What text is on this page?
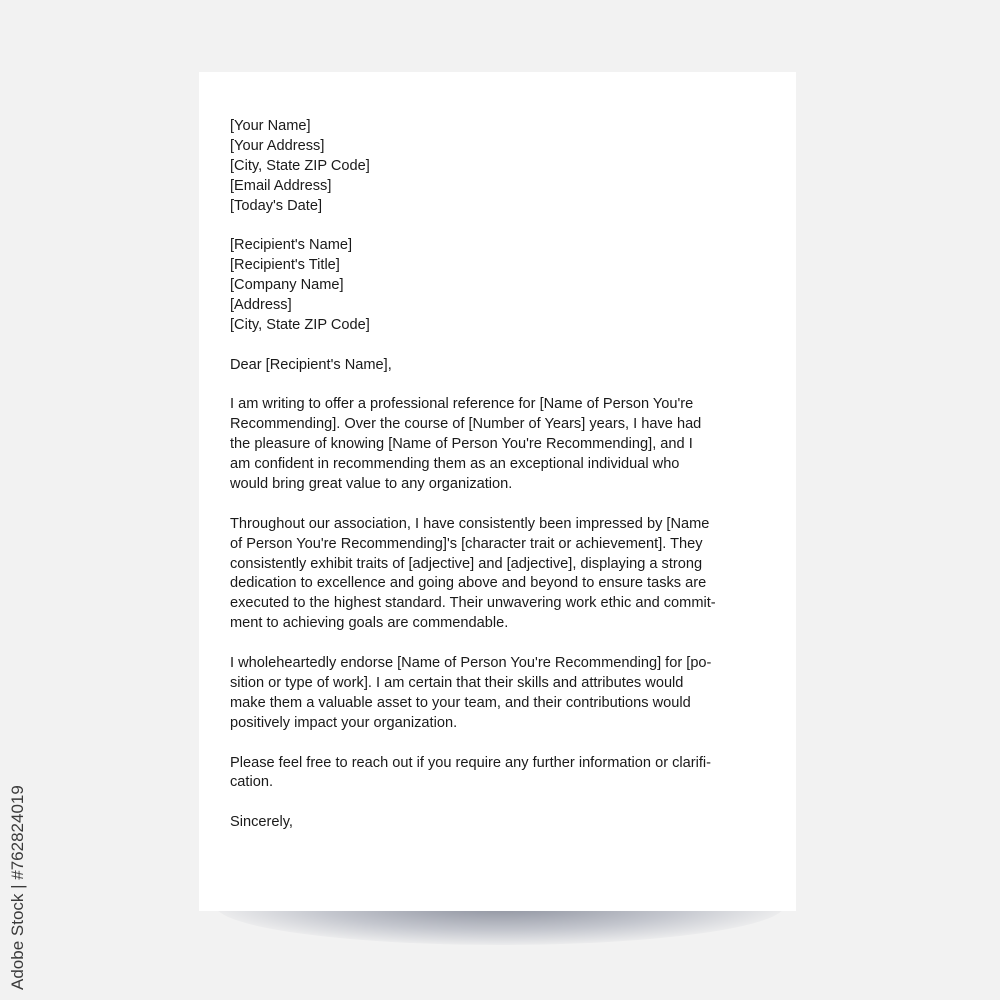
[Your Name]
[Your Address]
[City, State ZIP Code]
[Email Address]
[Today's Date]
[Recipient's Name]
[Recipient's Title]
[Company Name]
[Address]
[City, State ZIP Code]
Dear [Recipient's Name],
I am writing to offer a professional reference for [Name of Person You're
Recommending]. Over the course of [Number of Years] years, I have had
the pleasure of knowing [Name of Person You're Recommending], and I
am confident in recommending them as an exceptional individual who
would bring great value to any organization.
Throughout our association, I have consistently been impressed by [Name
of Person You're Recommending]'s [character trait or achievement]. They
consistently exhibit traits of [adjective] and [adjective], displaying a strong
dedication to excellence and going above and beyond to ensure tasks are
executed to the highest standard. Their unwavering work ethic and commit-
ment to achieving goals are commendable.
I wholeheartedly endorse [Name of Person You're Recommending] for [po-
sition or type of work]. I am certain that their skills and attributes would
make them a valuable asset to your team, and their contributions would
positively impact your organization.
Please feel free to reach out if you require any further information or clarifi-
cation.
Sincerely,
Adobe Stock | #762824019
